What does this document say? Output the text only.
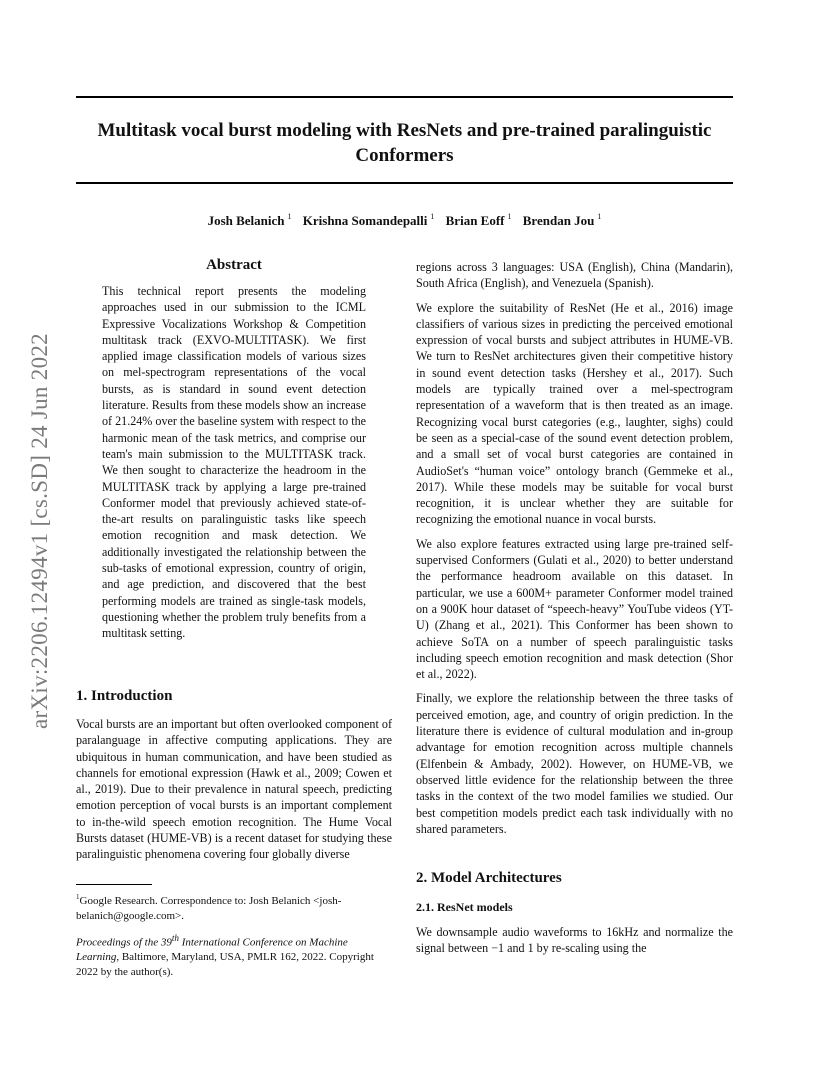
Multitask vocal burst modeling with ResNets and pre-trained paralinguistic Conformers
Josh Belanich $^1$ Krishna Somandepalli $^1$ Brian Eoff $^1$ Brendan Jou $^1$
arXiv:2206.12494v1 [cs.SD] 24 Jun 2022
Abstract
This technical report presents the modeling approaches used in our submission to the ICML Expressive Vocalizations Workshop & Competition multitask track (EXVO-MULTITASK). We first applied image classification models of various sizes on mel-spectrogram representations of the vocal bursts, as is standard in sound event detection literature. Results from these models show an increase of 21.24% over the baseline system with respect to the harmonic mean of the task metrics, and comprise our team's main submission to the MULTITASK track. We then sought to characterize the headroom in the MULTITASK track by applying a large pre-trained Conformer model that previously achieved state-of-the-art results on paralinguistic tasks like speech emotion recognition and mask detection. We additionally investigated the relationship between the sub-tasks of emotional expression, country of origin, and age prediction, and discovered that the best performing models are trained as single-task models, questioning whether the problem truly benefits from a multitask setting.
1. Introduction
Vocal bursts are an important but often overlooked component of paralanguage in affective computing applications. They are ubiquitous in human communication, and have been studied as channels for emotional expression (Hawk et al., 2009; Cowen et al., 2019). Due to their prevalence in natural speech, predicting emotion perception of vocal bursts is an important complement to in-the-wild speech emotion recognition. The Hume Vocal Bursts dataset (HUME-VB) is a recent dataset for studying these paralinguistic phenomena covering four globally diverse
$^1$Google Research. Correspondence to: Josh Belanich <josh-belanich@google.com>.
Proceedings of the 39th International Conference on Machine Learning, Baltimore, Maryland, USA, PMLR 162, 2022. Copyright 2022 by the author(s).

regions across 3 languages: USA (English), China (Mandarin), South Africa (English), and Venezuela (Spanish).

We explore the suitability of ResNet (He et al., 2016) image classifiers of various sizes in predicting the perceived emotional expression of vocal bursts and subject attributes in HUME-VB. We turn to ResNet architectures given their competitive history in sound event detection tasks (Hershey et al., 2017). Such models are typically trained over a mel-spectrogram representation of a waveform that is then treated as an image. Recognizing vocal burst categories (e.g., laughter, sighs) could be seen as a special-case of the sound event detection problem, and a small set of vocal burst categories are contained in AudioSet's “human voice” ontology branch (Gemmeke et al., 2017). While these models may be suitable for vocal burst recognition, it is unclear whether they are suitable for recognizing the emotional nuance in vocal bursts.

We also explore features extracted using large pre-trained self-supervised Conformers (Gulati et al., 2020) to better understand the performance headroom available on this dataset. In particular, we use a 600M+ parameter Conformer model trained on a 900K hour dataset of “speech-heavy” YouTube videos (YT-U) (Zhang et al., 2021). This Conformer has been shown to achieve SoTA on a number of speech paralinguistic tasks including speech emotion recognition and mask detection (Shor et al., 2022).

Finally, we explore the relationship between the three tasks of perceived emotion, age, and country of origin prediction. In the literature there is evidence of cultural modulation and in-group advantage for emotion recognition across multiple channels (Elfenbein & Ambady, 2002). However, on HUME-VB, we observed little evidence for the relationship between the three tasks in the context of the two model families we studied. Our best competition models predict each task individually with no shared parameters.

2. Model Architectures
2.1. ResNet models
We downsample audio waveforms to 16kHz and normalize the signal between −1 and 1 by re-scaling using the
